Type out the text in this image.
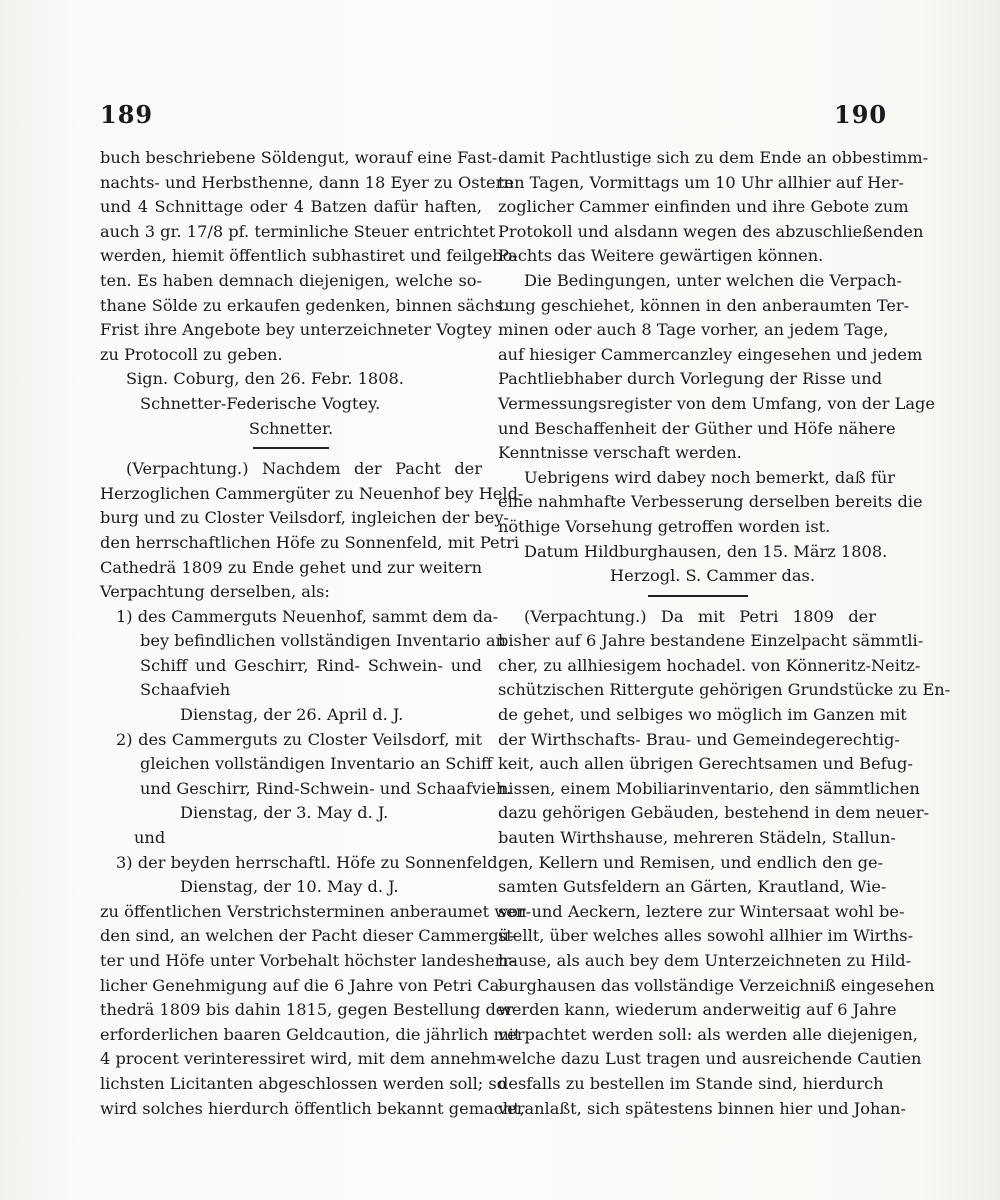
189	190
buch beschriebene Söldengut, worauf eine Fast-
nachts- und Herbsthenne, dann 18 Eyer zu Ostern
und 4 Schnittage oder 4 Batzen dafür haften,
auch 3 gr. 17/8 pf. terminliche Steuer entrichtet
werden, hiemit öffentlich subhastiret und feilgebo-
ten. Es haben demnach diejenigen, welche so-
thane Sölde zu erkaufen gedenken, binnen sächs.
Frist ihre Angebote bey unterzeichneter Vogtey
zu Protocoll zu geben.
Sign. Coburg, den 26. Febr. 1808.
Schnetter-Federische Vogtey.
Schnetter.
(Verpachtung.) Nachdem der Pacht der
Herzoglichen Cammergüter zu Neuenhof bey Held-
burg und zu Closter Veilsdorf, ingleichen der bey-
den herrschaftlichen Höfe zu Sonnenfeld, mit Petri
Cathedrä 1809 zu Ende gehet und zur weitern
Verpachtung derselben, als:
1) des Cammerguts Neuenhof, sammt dem da-
bey befindlichen vollständigen Inventario an
Schiff und Geschirr, Rind- Schwein- und
Schaafvieh
Dienstag, der 26. April d. J.
2) des Cammerguts zu Closter Veilsdorf, mit
gleichen vollständigen Inventario an Schiff
und Geschirr, Rind-Schwein- und Schaafvieh.
Dienstag, der 3. May d. J.
und
3) der beyden herrschaftl. Höfe zu Sonnenfeld.
Dienstag, der 10. May d. J.
zu öffentlichen Verstrichsterminen anberaumet wor-
den sind, an welchen der Pacht dieser Cammergü-
ter und Höfe unter Vorbehalt höchster landesherr-
licher Genehmigung auf die 6 Jahre von Petri Ca-
thedrä 1809 bis dahin 1815, gegen Bestellung der
erforderlichen baaren Geldcaution, die jährlich mit
4 procent verinteressiret wird, mit dem annehm-
lichsten Licitanten abgeschlossen werden soll; so
wird solches hierdurch öffentlich bekannt gemacht,
damit Pachtlustige sich zu dem Ende an obbestimm-
ten Tagen, Vormittags um 10 Uhr allhier auf Her-
zoglicher Cammer einfinden und ihre Gebote zum
Protokoll und alsdann wegen des abzuschließenden
Pachts das Weitere gewärtigen können.
Die Bedingungen, unter welchen die Verpach-
tung geschiehet, können in den anberaumten Ter-
minen oder auch 8 Tage vorher, an jedem Tage,
auf hiesiger Cammercanzley eingesehen und jedem
Pachtliebhaber durch Vorlegung der Risse und
Vermessungsregister von dem Umfang, von der Lage
und Beschaffenheit der Güther und Höfe nähere
Kenntnisse verschaft werden.
Uebrigens wird dabey noch bemerkt, daß für
eine nahmhafte Verbesserung derselben bereits die
nöthige Vorsehung getroffen worden ist.
Datum Hildburghausen, den 15. März 1808.
Herzogl. S. Cammer das.
(Verpachtung.) Da mit Petri 1809 der
bisher auf 6 Jahre bestandene Einzelpacht sämmtli-
cher, zu allhiesigem hochadel. von Könneritz-Neitz-
schützischen Rittergute gehörigen Grundstücke zu En-
de gehet, und selbiges wo möglich im Ganzen mit
der Wirthschafts- Brau- und Gemeindegerechtig-
keit, auch allen übrigen Gerechtsamen und Befug-
nissen, einem Mobiliarinventario, den sämmtlichen
dazu gehörigen Gebäuden, bestehend in dem neuer-
bauten Wirthshause, mehreren Städeln, Stallun-
gen, Kellern und Remisen, und endlich den ge-
samten Gutsfeldern an Gärten, Krautland, Wie-
sen und Aeckern, leztere zur Wintersaat wohl be-
stellt, über welches alles sowohl allhier im Wirths-
hause, als auch bey dem Unterzeichneten zu Hild-
burghausen das vollständige Verzeichniß eingesehen
werden kann, wiederum anderweitig auf 6 Jahre
verpachtet werden soll: als werden alle diejenigen,
welche dazu Lust tragen und ausreichende Cautien
desfalls zu bestellen im Stande sind, hierdurch
veranlaßt, sich spätestens binnen hier und Johan-
